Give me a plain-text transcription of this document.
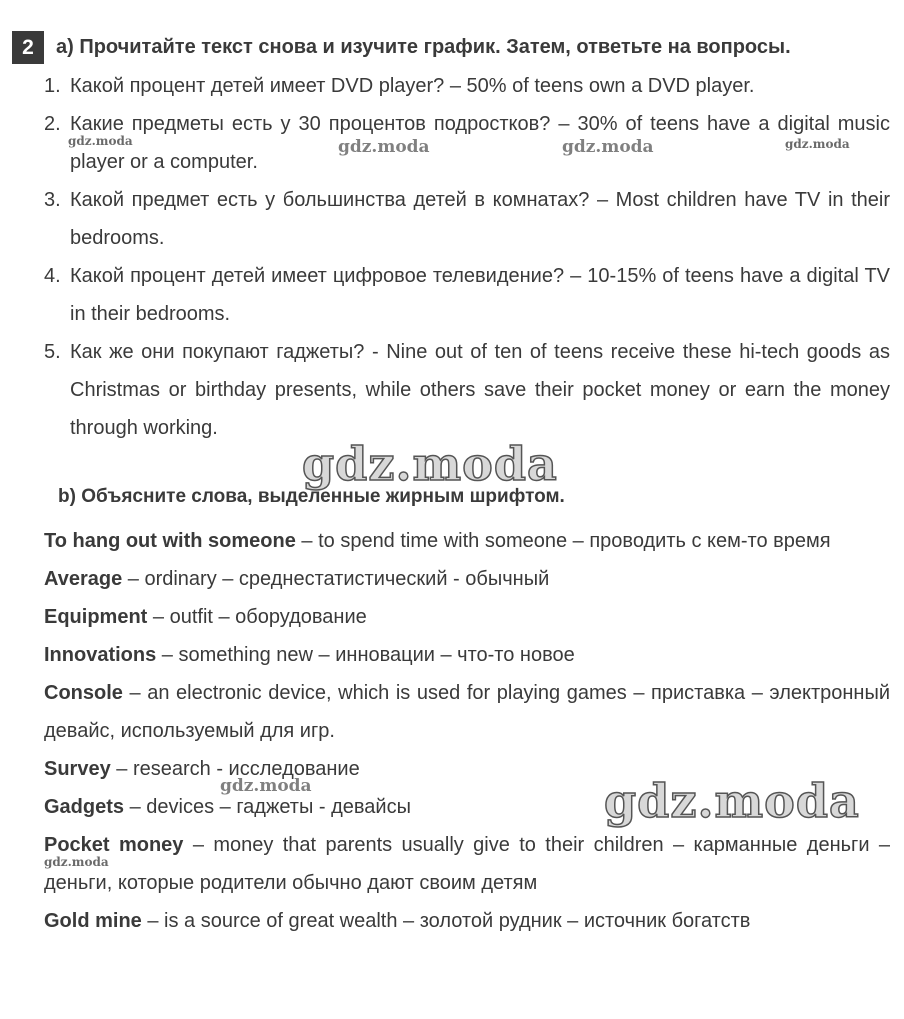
2	a) Прочитайте текст снова и изучите график. Затем, ответьте на вопросы.
1. Какой процент детей имеет DVD player? – 50% of teens own a DVD player.
2. Какие предметы есть у 30 процентов подростков? – 30% of teens have a digital music player or a computer.
3. Какой предмет есть у большинства детей в комнатах? – Most children have TV in their bedrooms.
4. Какой процент детей имеет цифровое телевидение? – 10-15% of teens have a digital TV in their bedrooms.
5. Как же они покупают гаджеты? - Nine out of ten of teens receive these hi-tech goods as Christmas or birthday presents, while others save their pocket money or earn the money through working.
b) Объясните слова, выделенные жирным шрифтом.
To hang out with someone – to spend time with someone – проводить с кем-то время
Average – ordinary – среднестатистический - обычный
Equipment – outfit – оборудование
Innovations – something new – инновации – что-то новое
Console – an electronic device, which is used for playing games – приставка – электронный девайс, используемый для игр.
Survey – research - исследование
Gadgets – devices – гаджеты - девайсы
Pocket money – money that parents usually give to their children – карманные деньги – деньги, которые родители обычно дают своим детям
Gold mine – is a source of great wealth – золотой рудник – источник богатств
gdz.moda	gdz.moda	gdz.moda	gdz.moda
gdz.moda
gdz.moda	gdz.moda
gdz.moda
